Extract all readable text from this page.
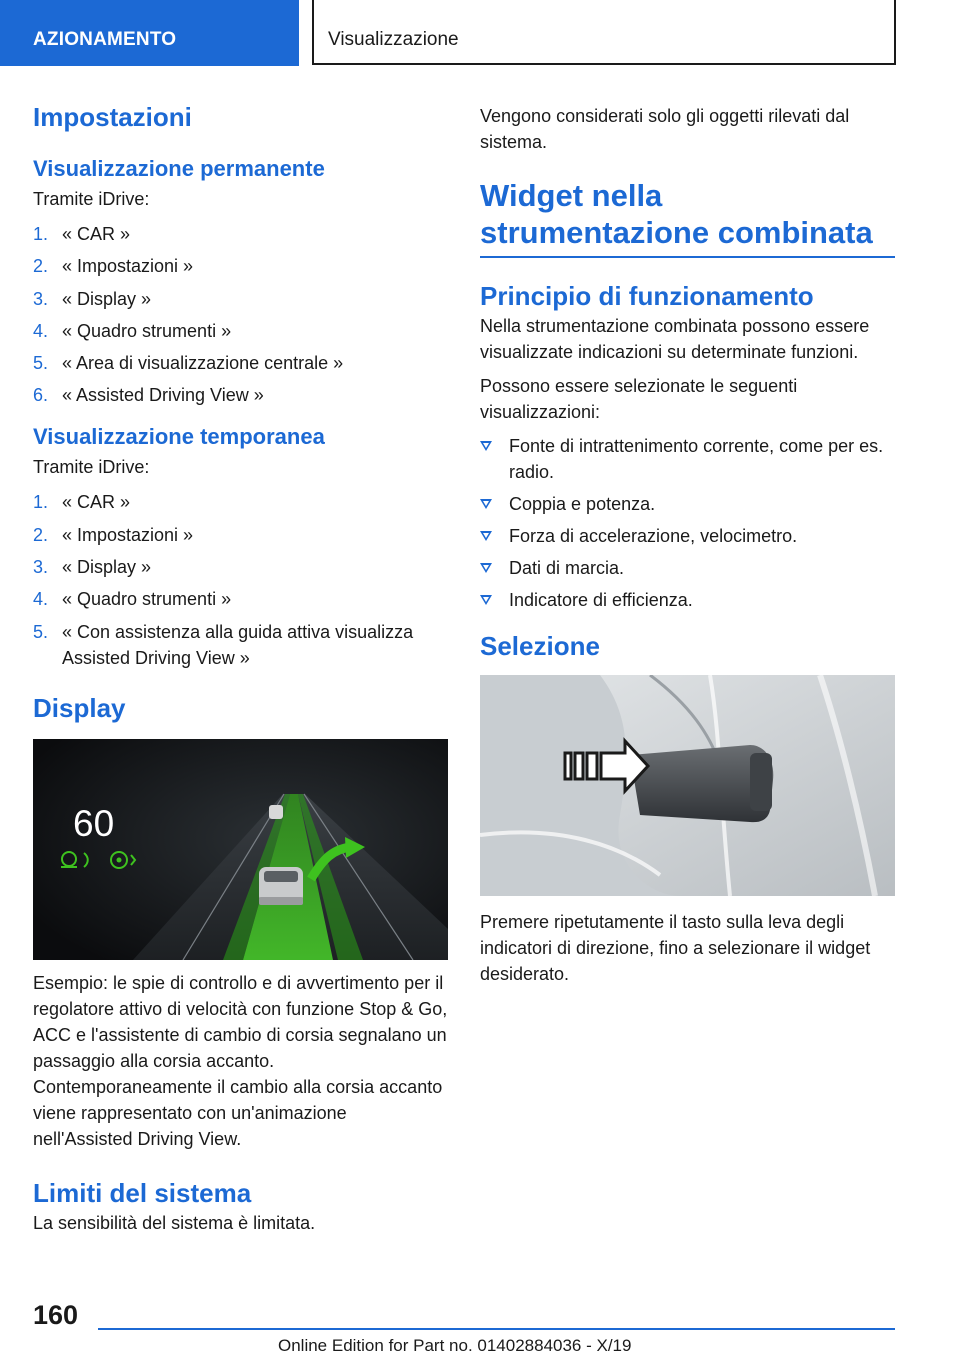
AZIONAMENTO	Visualizzazione
Impostazioni
Visualizzazione permanente
Tramite iDrive:
1. « CAR »
2. « Impostazioni »
3. « Display »
4. « Quadro strumenti »
5. « Area di visualizzazione centrale »
6. « Assisted Driving View »
Visualizzazione temporanea
Tramite iDrive:
1. « CAR »
2. « Impostazioni »
3. « Display »
4. « Quadro strumenti »
5. « Con assistenza alla guida attiva visualizza Assisted Driving View »
Display
60
Esempio: le spie di controllo e di avvertimento per il regolatore attivo di velocità con funzione Stop & Go, ACC e l'assistente di cambio di corsia segnalano un passaggio alla corsia accanto. Contemporaneamente il cambio alla corsia accanto viene rappresentato con un'animazione nell'Assisted Driving View.
Limiti del sistema
La sensibilità del sistema è limitata.
Vengono considerati solo gli oggetti rilevati dal sistema.
Widget nella strumentazione combinata
Principio di funzionamento
Nella strumentazione combinata possono essere visualizzate indicazioni su determinate funzioni.
Possono essere selezionate le seguenti visualizzazioni:
Fonte di intrattenimento corrente, come per es. radio.
Coppia e potenza.
Forza di accelerazione, velocimetro.
Dati di marcia.
Indicatore di efficienza.
Selezione
Premere ripetutamente il tasto sulla leva degli indicatori di direzione, fino a selezionare il widget desiderato.
160
Online Edition for Part no. 01402884036 - X/19
